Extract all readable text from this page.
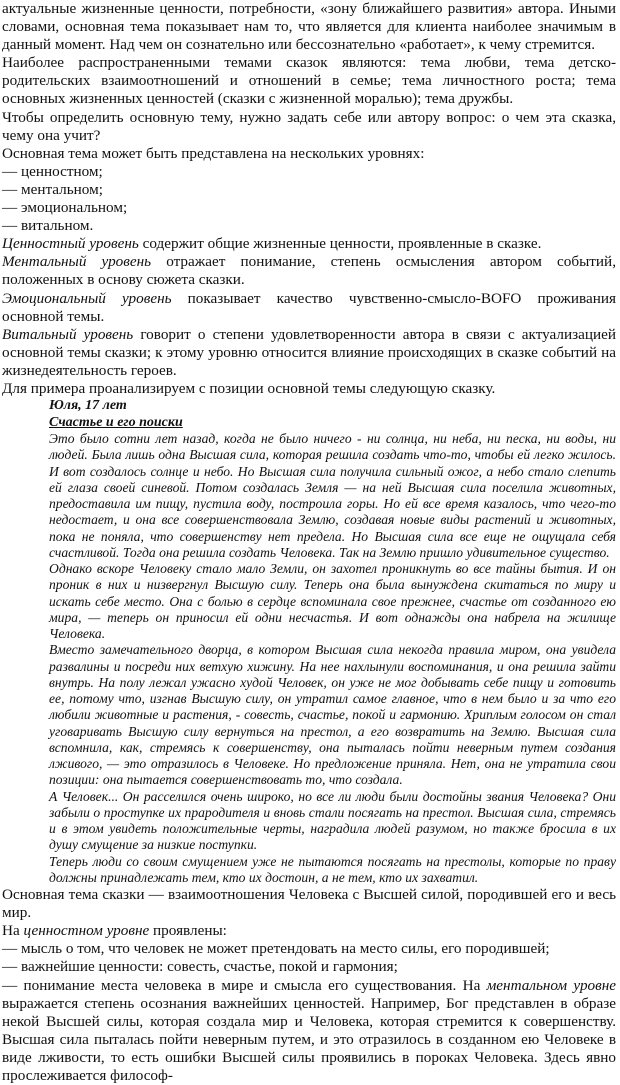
актуальные жизненные ценности, потребности, «зону ближайшего развития» автора. Иными словами, основная тема показывает нам то, что является для клиента наиболее значимым в данный момент. Над чем он сознательно или бессознательно «работает», к чему стремится.

Наиболее распространенными темами сказок являются: тема любви, тема детско-родительских взаимоотношений и отношений в семье; тема личностного роста; тема основных жизненных ценностей (сказки с жизненной моралью); тема дружбы.

Чтобы определить основную тему, нужно задать себе или автору вопрос: о чем эта сказка, чему она учит?

Основная тема может быть представлена на нескольких уровнях:

— ценностном;

— ментальном;

— эмоциональном;

— витальном.

Ценностный уровень содержит общие жизненные ценности, проявленные в сказке.

Ментальный уровень отражает понимание, степень осмысления автором событий, положенных в основу сюжета сказки.

Эмоциональный уровень показывает качество чувственно-смысло-ВОFО проживания основной темы.

Витальный уровень говорит о степени удовлетворенности автора в связи с актуализацией основной темы сказки; к этому уровню относится влияние происходящих в сказке событий на жизнедеятельность героев.

Для примера проанализируем с позиции основной темы следующую сказку.

Юля, 17 лет

Счастье и его поиски

Это было сотни лет назад, когда не было ничего - ни солнца, ни неба, ни песка, ни воды, ни людей. Была лишь одна Высшая сила, которая решила создать что-то, чтобы ей легко жилось. И вот создалось солнце и небо. Но Высшая сила получила сильный ожог, а небо стало слепить ей глаза своей синевой. Потом создалась Земля — на ней Высшая сила поселила животных, предоставила им пищу, пустила воду, построила горы. Но ей все время казалось, что чего-то недостает, и она все совершенствовала Землю, создавая новые виды растений и животных, пока не поняла, что совершенству нет предела. Но Высшая сила все еще не ощущала себя счастливой. Тогда она решила создать Человека. Так на Землю пришло удивительное существо.

Однако вскоре Человеку стало мало Земли, он захотел проникнуть во все тайны бытия. И он проник в них и низвергнул Высшую силу. Теперь она была вынуждена скитаться по миру и искать себе место. Она с болью в сердце вспоминала свое прежнее, счастье от созданного ею мира, — теперь он приносил ей одни несчастья. И вот однажды она набрела на жилище Человека.

Вместо замечательного дворца, в котором Высшая сила некогда правила миром, она увидела развалины и посреди них ветхую хижину. На нее нахлынули воспоминания, и она решила зайти внутрь. На полу лежал ужасно худой Человек, он уже не мог добывать себе пищу и готовить ее, потому что, изгнав Высшую силу, он утратил самое главное, что в нем было и за что его любили животные и растения, - совесть, счастье, покой и гармонию. Хриплым голосом он стал уговаривать Высшую силу вернуться на престол, а его возвратить на Землю. Высшая сила вспомнила, как, стремясь к совершенству, она пыталась пойти неверным путем создания лживого, — это отразилось в Человеке. Но предложение приняла. Нет, она не утратила свои позиции: она пытается совершенствовать то, что создала.

А Человек... Он расселился очень широко, но все ли люди были достойны звания Человека? Они забыли о проступке их прародителя и вновь стали посягать на престол. Высшая сила, стремясь и в этом увидеть положительные черты, наградила людей разумом, но также бросила в их душу смущение за низкие поступки.

Теперь люди со своим смущением уже не пытаются посягать на престолы, которые по праву должны принадлежать тем, кто их достоин, а не тем, кто их захватил.

Основная тема сказки — взаимоотношения Человека с Высшей силой, породившей его и весь мир.

На ценностном уровне проявлены:

— мысль о том, что человек не может претендовать на место силы, его породившей;

— важнейшие ценности: совесть, счастье, покой и гармония;

— понимание места человека в мире и смысла его существования. На ментальном уровне выражается степень осознания важнейших ценностей. Например, Бог представлен в образе некой Высшей силы, которая создала мир и Человека, которая стремится к совершенству. Высшая сила пыталась пойти неверным путем, и это отразилось в созданном ею Человеке в виде лживости, то есть ошибки Высшей силы проявились в пороках Человека. Здесь явно прослеживается философ-
